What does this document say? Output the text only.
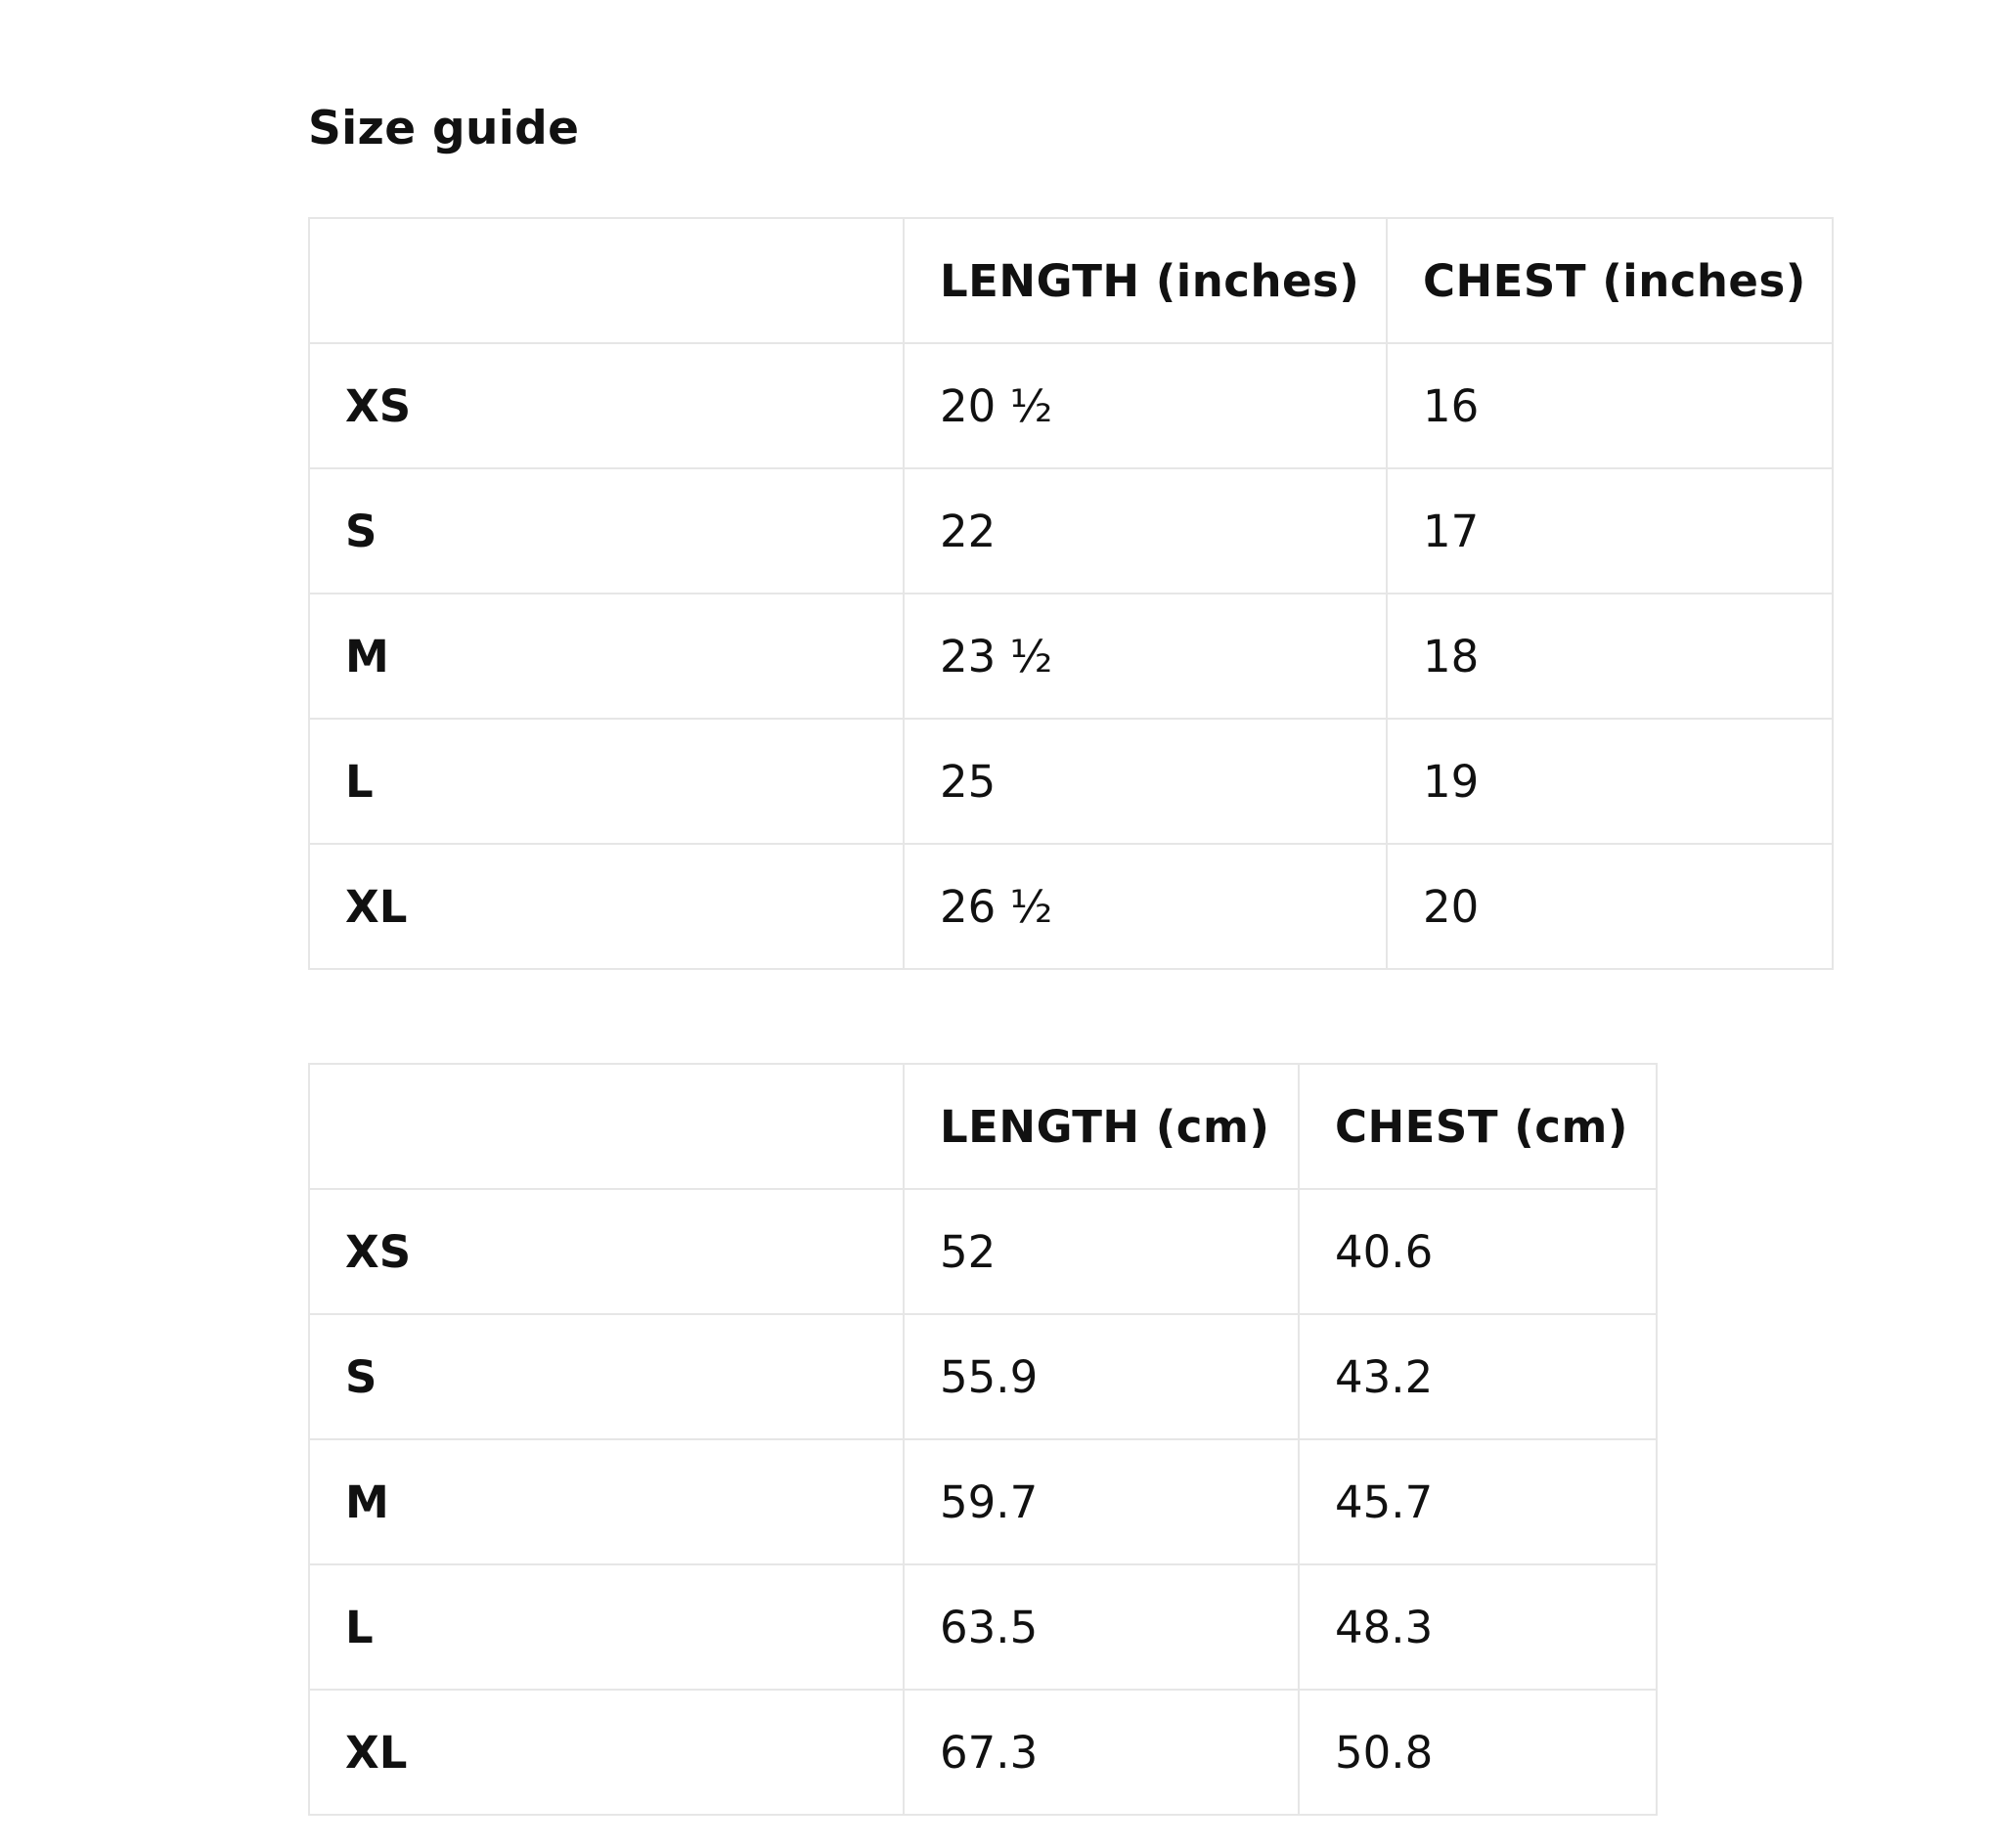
Size guide
	LENGTH (inches)	CHEST (inches)
XS	20 ½	16
S	22	17
M	23 ½	18
L	25	19
XL	26 ½	20
	LENGTH (cm)	CHEST (cm)
XS	52	40.6
S	55.9	43.2
M	59.7	45.7
L	63.5	48.3
XL	67.3	50.8
